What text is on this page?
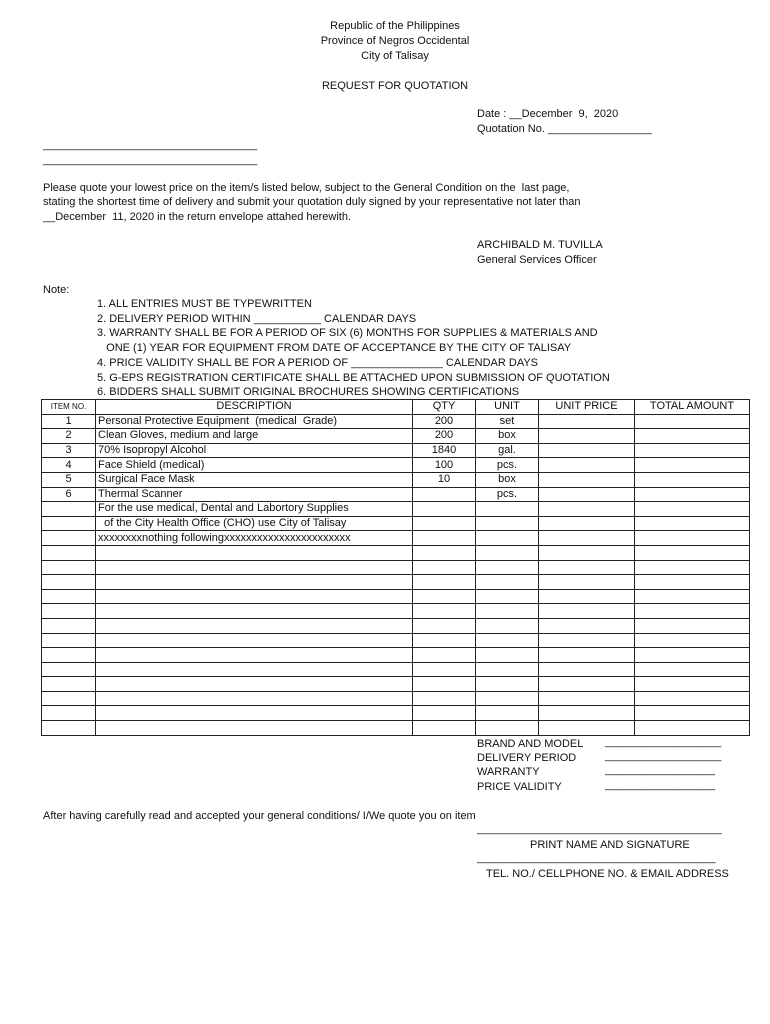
Republic of the Philippines
Province of Negros Occidental
City of Talisay
REQUEST FOR QUOTATION
Date : __December  9,  2020
Quotation No. _________________
___________________________________
___________________________________
Please quote your lowest price on the item/s listed below, subject to the General Condition on the  last page,
stating the shortest time of delivery and submit your quotation duly signed by your representative not later than
__December  11, 2020 in the return envelope attahed herewith.
ARCHIBALD M. TUVILLA
General Services Officer
Note:
1. ALL ENTRIES MUST BE TYPEWRITTEN
2. DELIVERY PERIOD WITHIN ___________ CALENDAR DAYS
3. WARRANTY SHALL BE FOR A PERIOD OF SIX (6) MONTHS FOR SUPPLIES & MATERIALS AND
ONE (1) YEAR FOR EQUIPMENT FROM DATE OF ACCEPTANCE BY THE CITY OF TALISAY
4. PRICE VALIDITY SHALL BE FOR A PERIOD OF _______________ CALENDAR DAYS
5. G-EPS REGISTRATION CERTIFICATE SHALL BE ATTACHED UPON SUBMISSION OF QUOTATION
6. BIDDERS SHALL SUBMIT ORIGINAL BROCHURES SHOWING CERTIFICATIONS
ITEM NO.	DESCRIPTION	QTY	UNIT	UNIT PRICE	TOTAL AMOUNT
1	Personal Protective Equipment  (medical  Grade)	200	set		
2	Clean Gloves, medium and large	200	box		
3	70% Isopropyl Alcohol	1840	gal.		
4	Face Shield (medical)	100	pcs.		
5	Surgical Face Mask	10	box		
6	Thermal Scanner		pcs.		
	For the use medical, Dental and Labortory Supplies				
	of the City Health Office (CHO) use City of Talisay				
	xxxxxxxxnothing followingxxxxxxxxxxxxxxxxxxxxxxx				

BRAND AND MODEL ___________________
DELIVERY PERIOD	___________________
WARRANTY	__________________
PRICE VALIDITY	__________________
After having carefully read and accepted your general conditions/ I/We quote you on item
________________________________________
PRINT NAME AND SIGNATURE
_______________________________________
TEL. NO./ CELLPHONE NO. & EMAIL ADDRESS
